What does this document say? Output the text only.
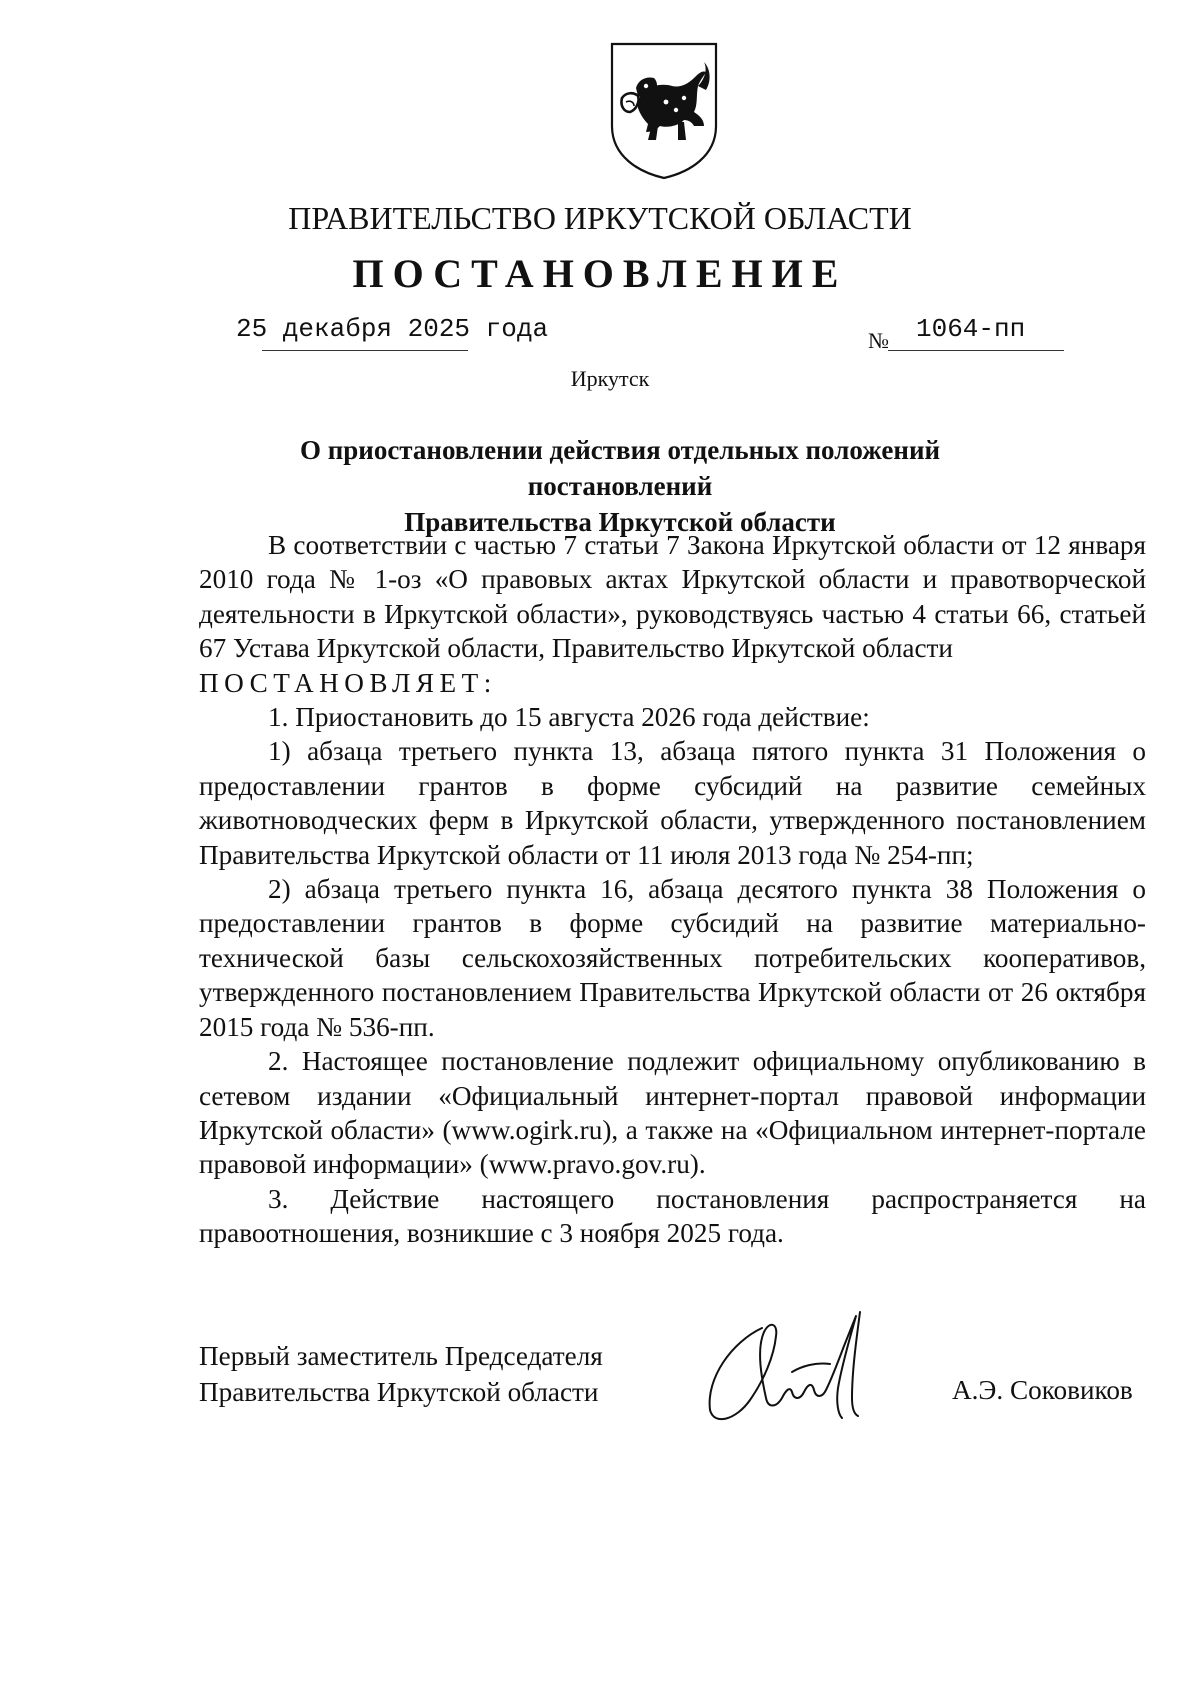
ПРАВИТЕЛЬСТВО ИРКУТСКОЙ ОБЛАСТИ
ПОСТАНОВЛЕНИЕ
25 декабря 2025 года	№ 1064-пп
Иркутск
О приостановлении действия отдельных положений постановлений
Правительства Иркутской области

В соответствии с частью 7 статьи 7 Закона Иркутской области от 12 января 2010 года № 1-оз «О правовых актах Иркутской области и правотворческой деятельности в Иркутской области», руководствуясь частью 4 статьи 66, статьей 67 Устава Иркутской области, Правительство Иркутской области

ПОСТАНОВЛЯЕТ:

1. Приостановить до 15 августа 2026 года действие:

1) абзаца третьего пункта 13, абзаца пятого пункта 31 Положения о предоставлении грантов в форме субсидий на развитие семейных животноводческих ферм в Иркутской области, утвержденного постановлением Правительства Иркутской области от 11 июля 2013 года № 254-пп;

2) абзаца третьего пункта 16, абзаца десятого пункта 38 Положения о предоставлении грантов в форме субсидий на развитие материально-технической базы сельскохозяйственных потребительских кооперативов, утвержденного постановлением Правительства Иркутской области от 26 октября 2015 года № 536-пп.

2. Настоящее постановление подлежит официальному опубликованию в сетевом издании «Официальный интернет-портал правовой информации Иркутской области» (www.ogirk.ru), а также на «Официальном интернет-портале правовой информации» (www.pravo.gov.ru).

3. Действие настоящего постановления распространяется на правоотношения, возникшие с 3 ноября 2025 года.

Первый заместитель Председателя
Правительства Иркутской области	А.Э. Соковиков
